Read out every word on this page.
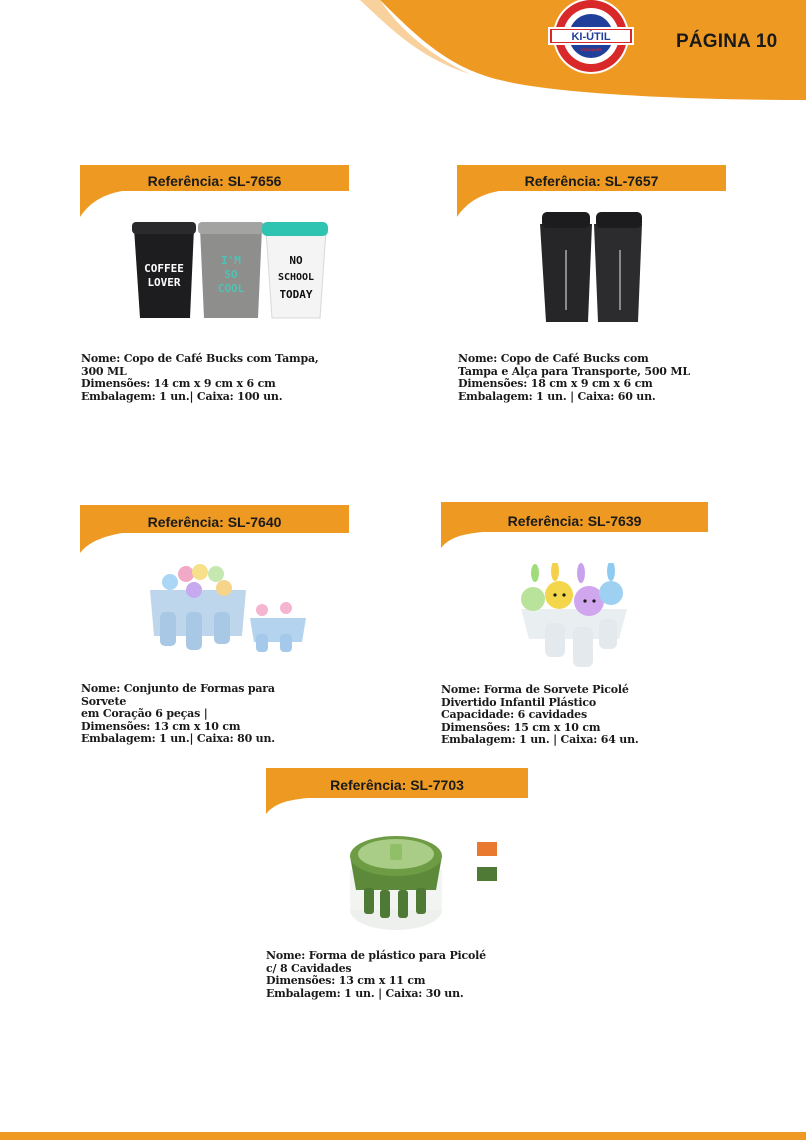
KI-ÚTIL
UTILIDADES	PÁGINA 10
Referência: SL-7656
COFFEE
LOVER
I'M
SO
COOL
NO
SCHOOL
TODAY
Nome: Copo de Café Bucks com Tampa,
300 ML
Dimensões: 14 cm x 9 cm x 6 cm
Embalagem: 1 un.| Caixa: 100 un.
Referência: SL-7657
Nome: Copo de Café Bucks com
Tampa e Alça para Transporte, 500 ML
Dimensões: 18 cm x 9 cm x 6 cm
Embalagem: 1 un. | Caixa: 60 un.
Referência: SL-7640
Nome: Conjunto de Formas para
Sorvete
em Coração 6 peças |
Dimensões: 13 cm x 10 cm
Embalagem: 1 un.| Caixa: 80 un.
Referência: SL-7639
Nome: Forma de Sorvete Picolé
Divertido Infantil Plástico
Capacidade: 6 cavidades
Dimensões: 15 cm x 10 cm
Embalagem: 1 un. | Caixa: 64 un.
Referência: SL-7703
Nome: Forma de plástico para Picolé
c/ 8 Cavidades
Dimensões: 13 cm x 11 cm
Embalagem: 1 un. | Caixa: 30 un.
